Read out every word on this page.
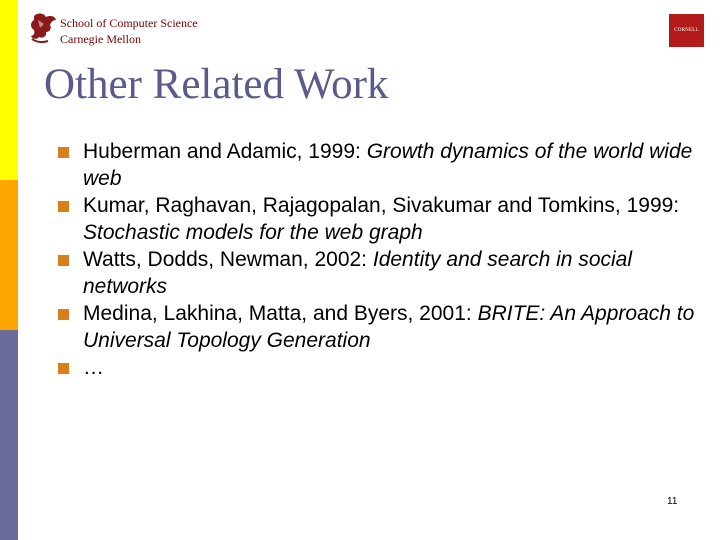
School of Computer Science
Carnegie Mellon
CORNELL
Other Related Work
Huberman and Adamic, 1999: Growth dynamics of the world wide web
Kumar, Raghavan, Rajagopalan, Sivakumar and Tomkins, 1999: Stochastic models for the web graph
Watts, Dodds, Newman, 2002: Identity and search in social networks
Medina, Lakhina, Matta, and Byers, 2001: BRITE: An Approach to Universal Topology Generation
…
11
